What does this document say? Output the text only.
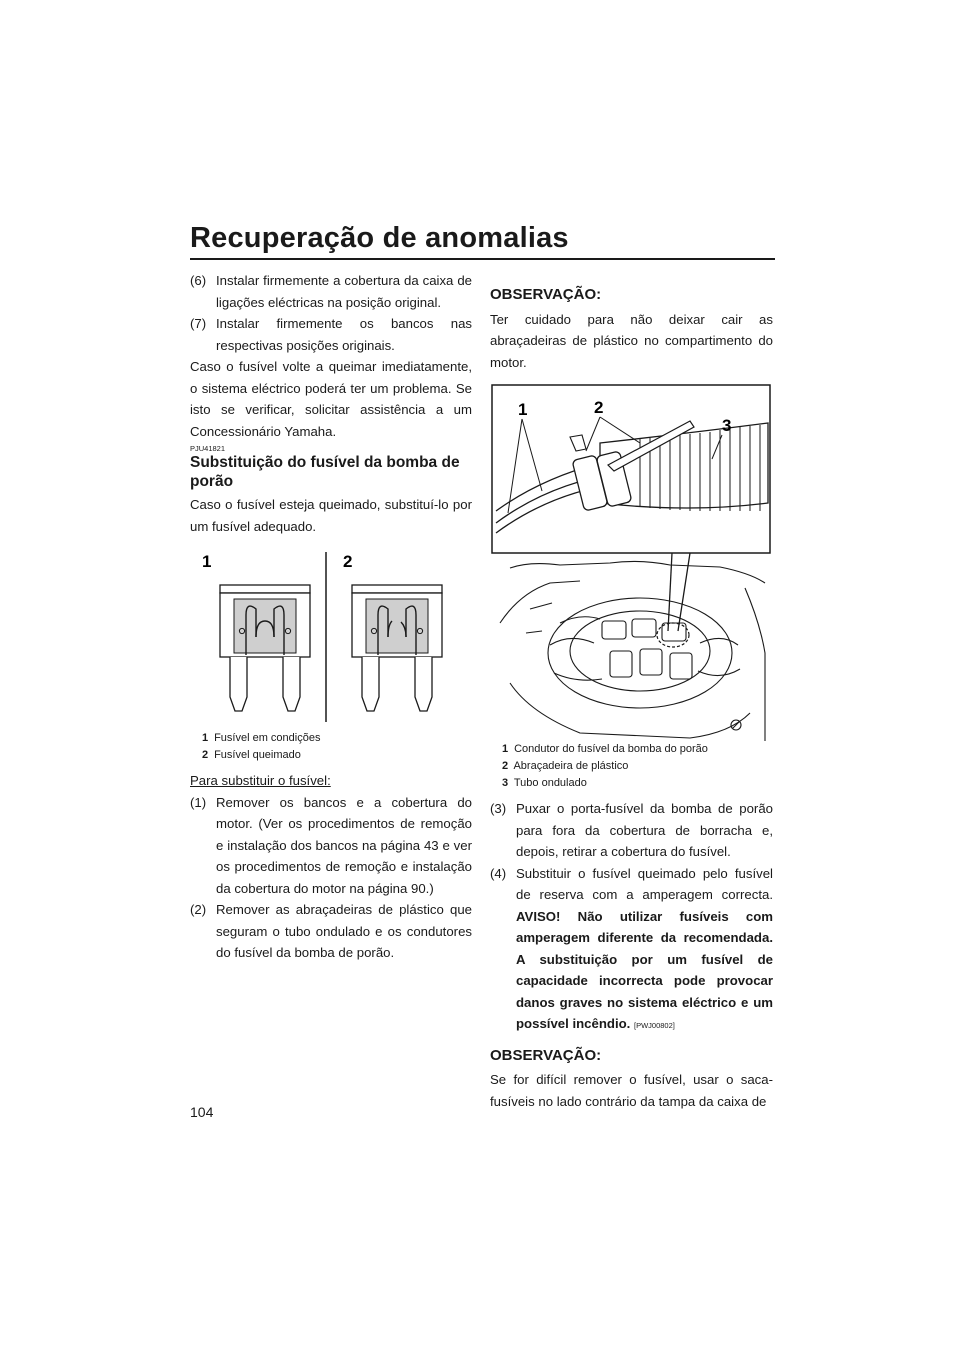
Recuperação de anomalias
104
(6) Instalar firmemente a cobertura da caixa de ligações eléctricas na posição original.
(7) Instalar firmemente os bancos nas respectivas posições originais.

Caso o fusível volte a queimar imediatamente, o sistema eléctrico poderá ter um problema. Se isto se verificar, solicitar assistência a um Concessionário Yamaha.

PJU41821
Substituição do fusível da bomba de porão

Caso o fusível esteja queimado, substituí-lo por um fusível adequado.

1	2
1 Fusível em condições
2 Fusível queimado
Para substituir o fusível:
(1) Remover os bancos e a cobertura do motor. (Ver os procedimentos de remoção e instalação dos bancos na página 43 e ver os procedimentos de remoção e instalação da cobertura do motor na página 90.)
(2) Remover as abraçadeiras de plástico que seguram o tubo ondulado e os condutores do fusível da bomba de porão.
OBSERVAÇÃO:

Ter cuidado para não deixar cair as abraçadeiras de plástico no compartimento do motor.

1	2
3
1 Condutor do fusível da bomba do porão
2 Abraçadeira de plástico
3 Tubo ondulado
(3) Puxar o porta-fusível da bomba de porão para fora da cobertura de borracha e, depois, retirar a cobertura do fusível.
(4) Substituir o fusível queimado pelo fusível de reserva com a amperagem correcta. AVISO! Não utilizar fusíveis com amperagem diferente da recomendada. A substituição por um fusível de capacidade incorrecta pode provocar danos graves no sistema eléctrico e um possível incêndio. [PWJ00802]
OBSERVAÇÃO:

Se for difícil remover o fusível, usar o saca-fusíveis no lado contrário da tampa da caixa de
